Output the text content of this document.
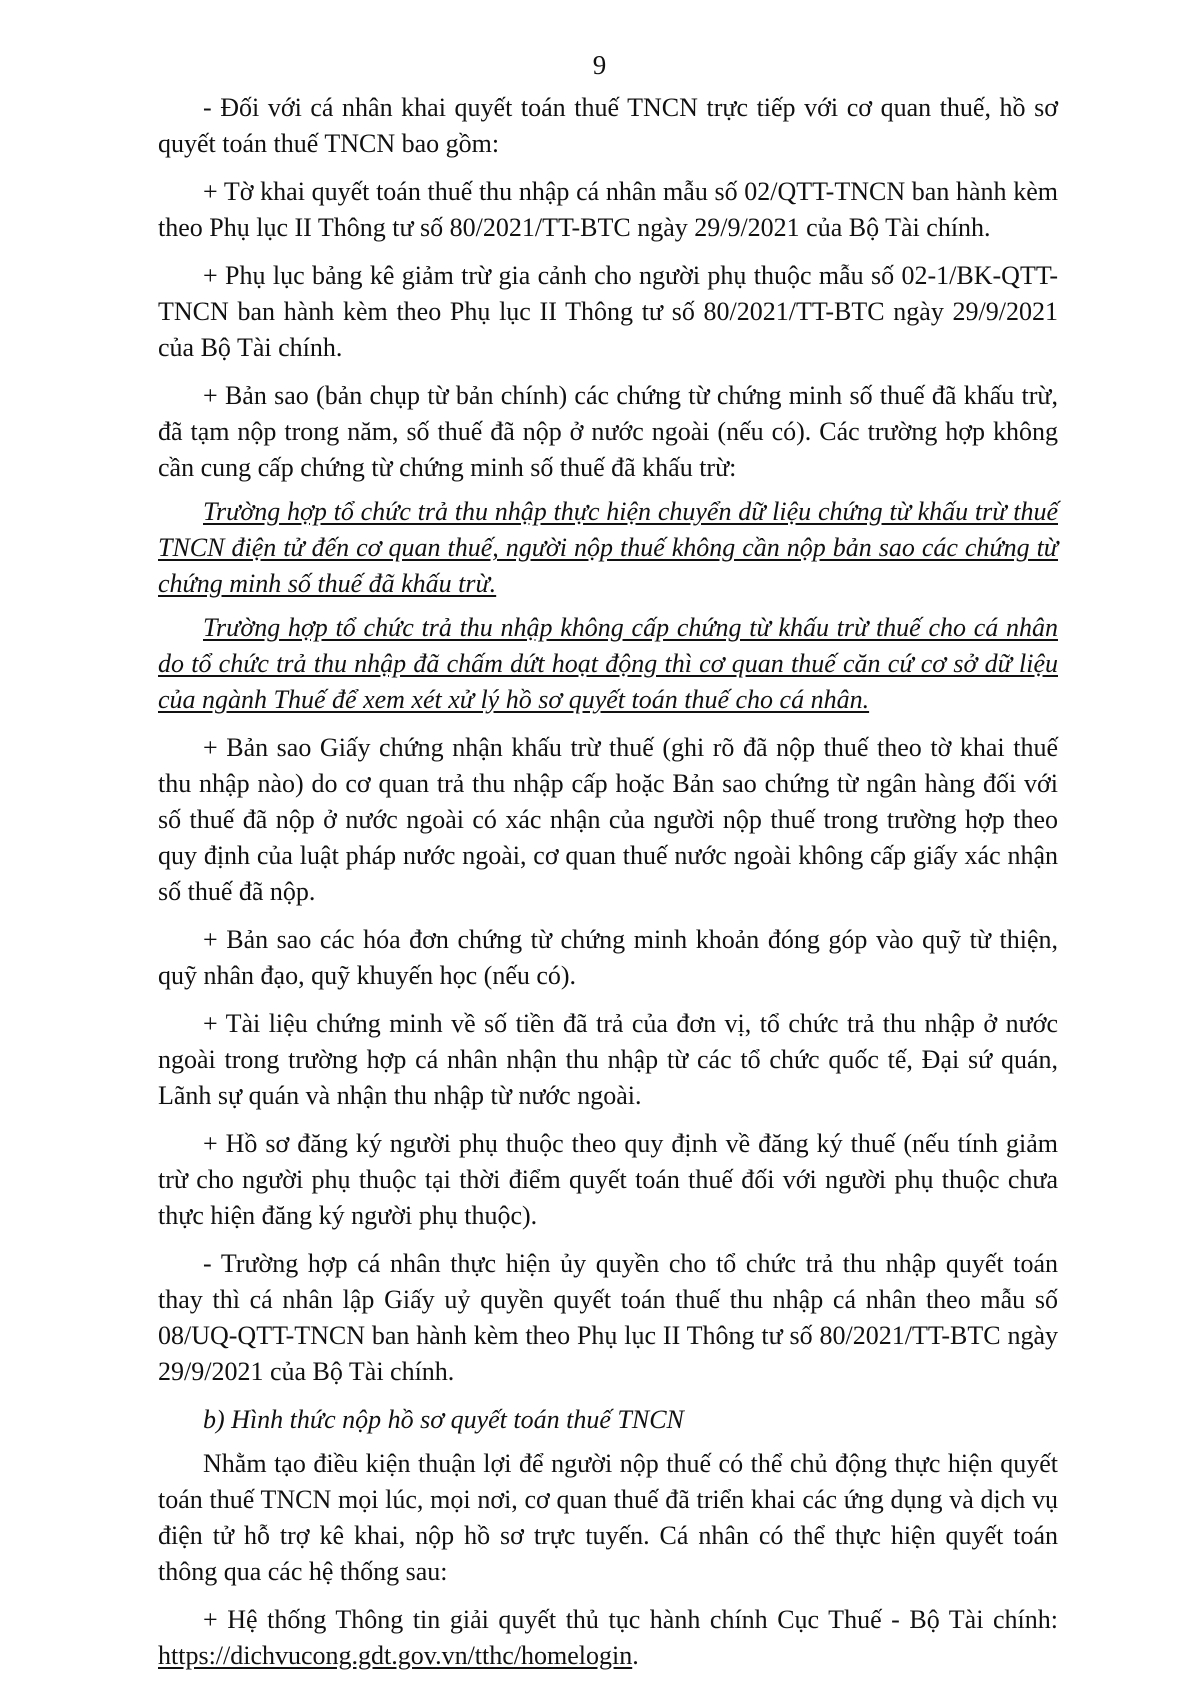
9

- Đối với cá nhân khai quyết toán thuế TNCN trực tiếp với cơ quan thuế, hồ sơ quyết toán thuế TNCN bao gồm:

+ Tờ khai quyết toán thuế thu nhập cá nhân mẫu số 02/QTT-TNCN ban hành kèm theo Phụ lục II Thông tư số 80/2021/TT-BTC ngày 29/9/2021 của Bộ Tài chính.

+ Phụ lục bảng kê giảm trừ gia cảnh cho người phụ thuộc mẫu số 02-1/BK-QTT-TNCN ban hành kèm theo Phụ lục II Thông tư số 80/2021/TT-BTC ngày 29/9/2021 của Bộ Tài chính.

+ Bản sao (bản chụp từ bản chính) các chứng từ chứng minh số thuế đã khấu trừ, đã tạm nộp trong năm, số thuế đã nộp ở nước ngoài (nếu có). Các trường hợp không cần cung cấp chứng từ chứng minh số thuế đã khấu trừ:

Trường hợp tổ chức trả thu nhập thực hiện chuyển dữ liệu chứng từ khấu trừ thuế TNCN điện tử đến cơ quan thuế, người nộp thuế không cần nộp bản sao các chứng từ chứng minh số thuế đã khấu trừ.

Trường hợp tổ chức trả thu nhập không cấp chứng từ khấu trừ thuế cho cá nhân do tổ chức trả thu nhập đã chấm dứt hoạt động thì cơ quan thuế căn cứ cơ sở dữ liệu của ngành Thuế để xem xét xử lý hồ sơ quyết toán thuế cho cá nhân.

+ Bản sao Giấy chứng nhận khấu trừ thuế (ghi rõ đã nộp thuế theo tờ khai thuế thu nhập nào) do cơ quan trả thu nhập cấp hoặc Bản sao chứng từ ngân hàng đối với số thuế đã nộp ở nước ngoài có xác nhận của người nộp thuế trong trường hợp theo quy định của luật pháp nước ngoài, cơ quan thuế nước ngoài không cấp giấy xác nhận số thuế đã nộp.

+ Bản sao các hóa đơn chứng từ chứng minh khoản đóng góp vào quỹ từ thiện, quỹ nhân đạo, quỹ khuyến học (nếu có).

+ Tài liệu chứng minh về số tiền đã trả của đơn vị, tổ chức trả thu nhập ở nước ngoài trong trường hợp cá nhân nhận thu nhập từ các tổ chức quốc tế, Đại sứ quán, Lãnh sự quán và nhận thu nhập từ nước ngoài.

+ Hồ sơ đăng ký người phụ thuộc theo quy định về đăng ký thuế (nếu tính giảm trừ cho người phụ thuộc tại thời điểm quyết toán thuế đối với người phụ thuộc chưa thực hiện đăng ký người phụ thuộc).

- Trường hợp cá nhân thực hiện ủy quyền cho tổ chức trả thu nhập quyết toán thay thì cá nhân lập Giấy uỷ quyền quyết toán thuế thu nhập cá nhân theo mẫu số 08/UQ-QTT-TNCN ban hành kèm theo Phụ lục II Thông tư số 80/2021/TT-BTC ngày 29/9/2021 của Bộ Tài chính.

b) Hình thức nộp hồ sơ quyết toán thuế TNCN

Nhằm tạo điều kiện thuận lợi để người nộp thuế có thể chủ động thực hiện quyết toán thuế TNCN mọi lúc, mọi nơi, cơ quan thuế đã triển khai các ứng dụng và dịch vụ điện tử hỗ trợ kê khai, nộp hồ sơ trực tuyến. Cá nhân có thể thực hiện quyết toán thông qua các hệ thống sau:

+ Hệ thống Thông tin giải quyết thủ tục hành chính Cục Thuế - Bộ Tài chính: https://dichvucong.gdt.gov.vn/tthc/homelogin.
